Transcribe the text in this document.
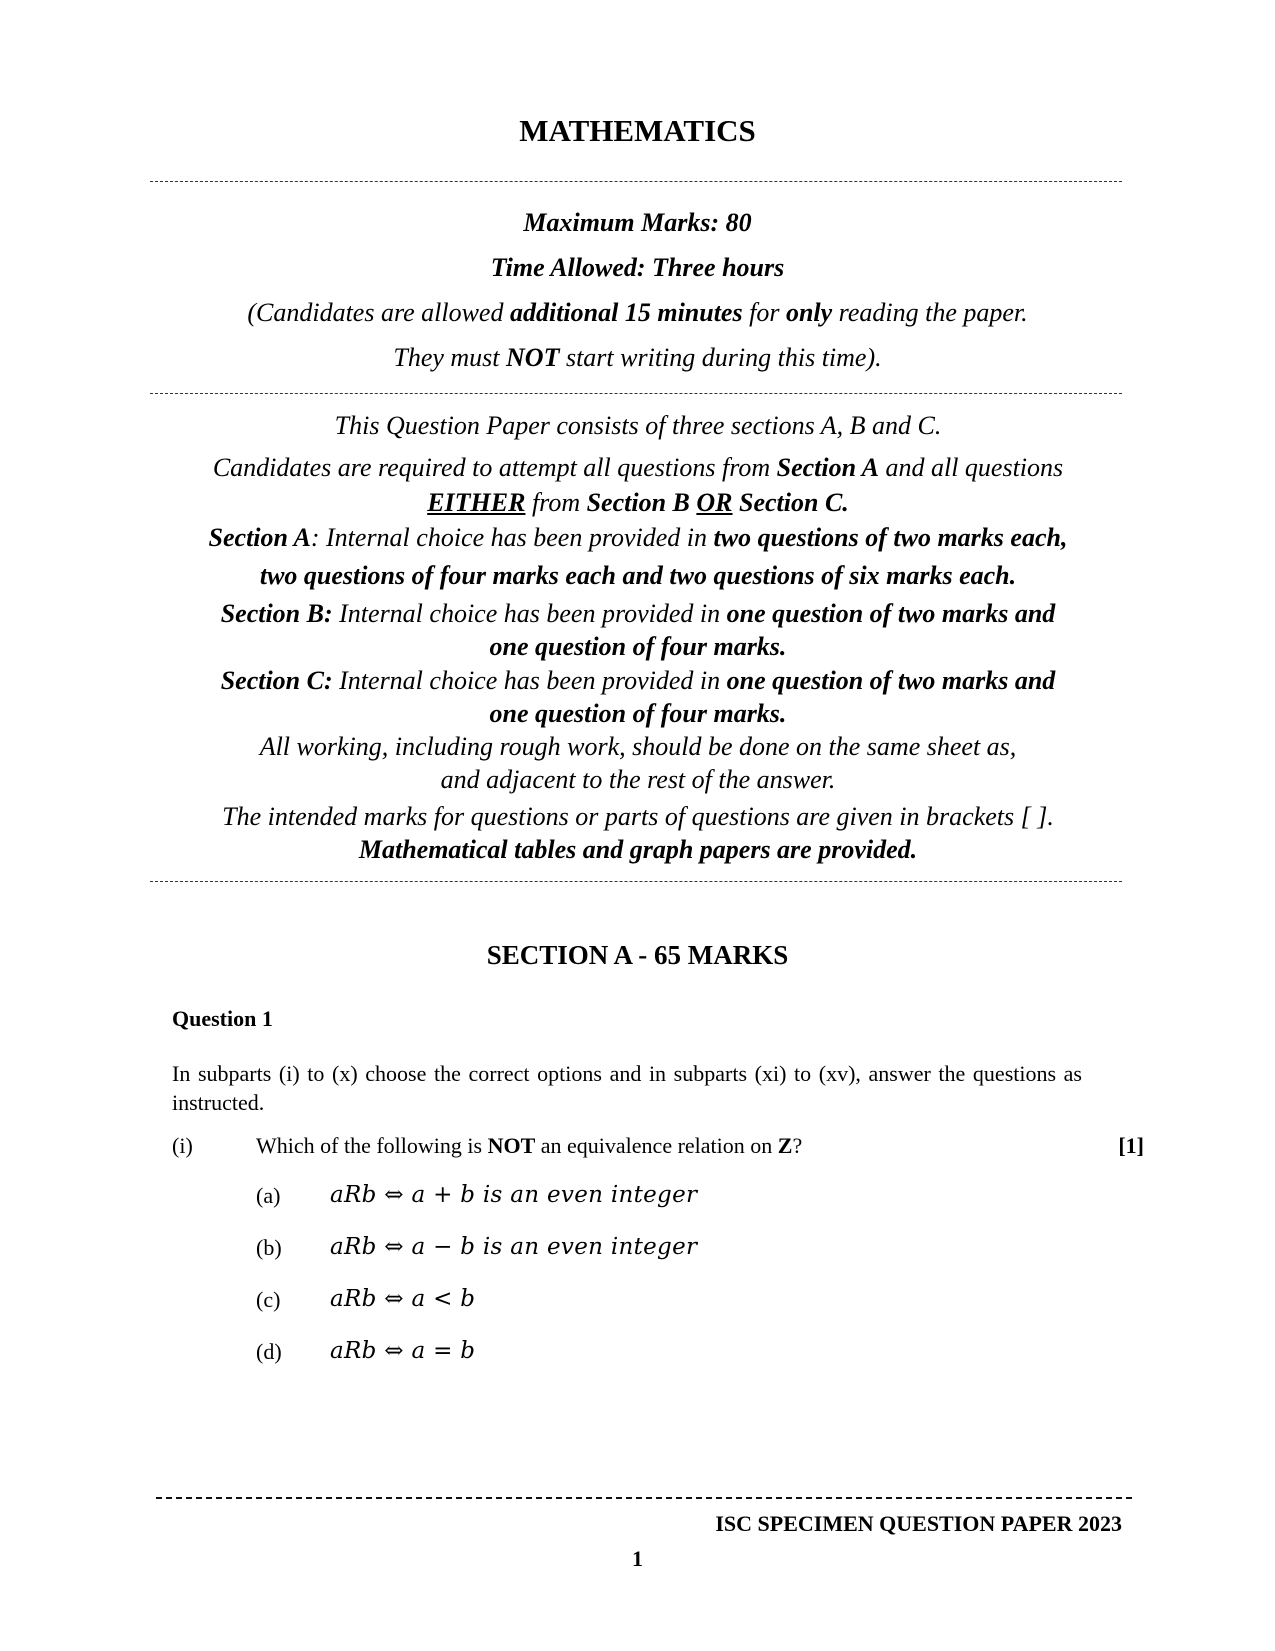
MATHEMATICS
Maximum Marks: 80
Time Allowed: Three hours
(Candidates are allowed additional 15 minutes for only reading the paper.
They must NOT start writing during this time).
This Question Paper consists of three sections A, B and C.
Candidates are required to attempt all questions from Section A and all questions
EITHER from Section B OR Section C.
Section A: Internal choice has been provided in two questions of two marks each,
two questions of four marks each and two questions of six marks each.
Section B: Internal choice has been provided in one question of two marks and
one question of four marks.
Section C: Internal choice has been provided in one question of two marks and
one question of four marks.
All working, including rough work, should be done on the same sheet as,
and adjacent to the rest of the answer.
The intended marks for questions or parts of questions are given in brackets [ ].
Mathematical tables and graph papers are provided.
SECTION A - 65 MARKS
Question 1
In subparts (i) to (x) choose the correct options and in subparts (xi) to (xv), answer the questions as instructed.
(i)	Which of the following is NOT an equivalence relation on Z?	[1]
(a) aRb ⇔ a + b is an even integer
(b) aRb ⇔ a − b is an even integer
(c) aRb ⇔ a < b
(d) aRb ⇔ a = b
ISC SPECIMEN QUESTION PAPER 2023
1
